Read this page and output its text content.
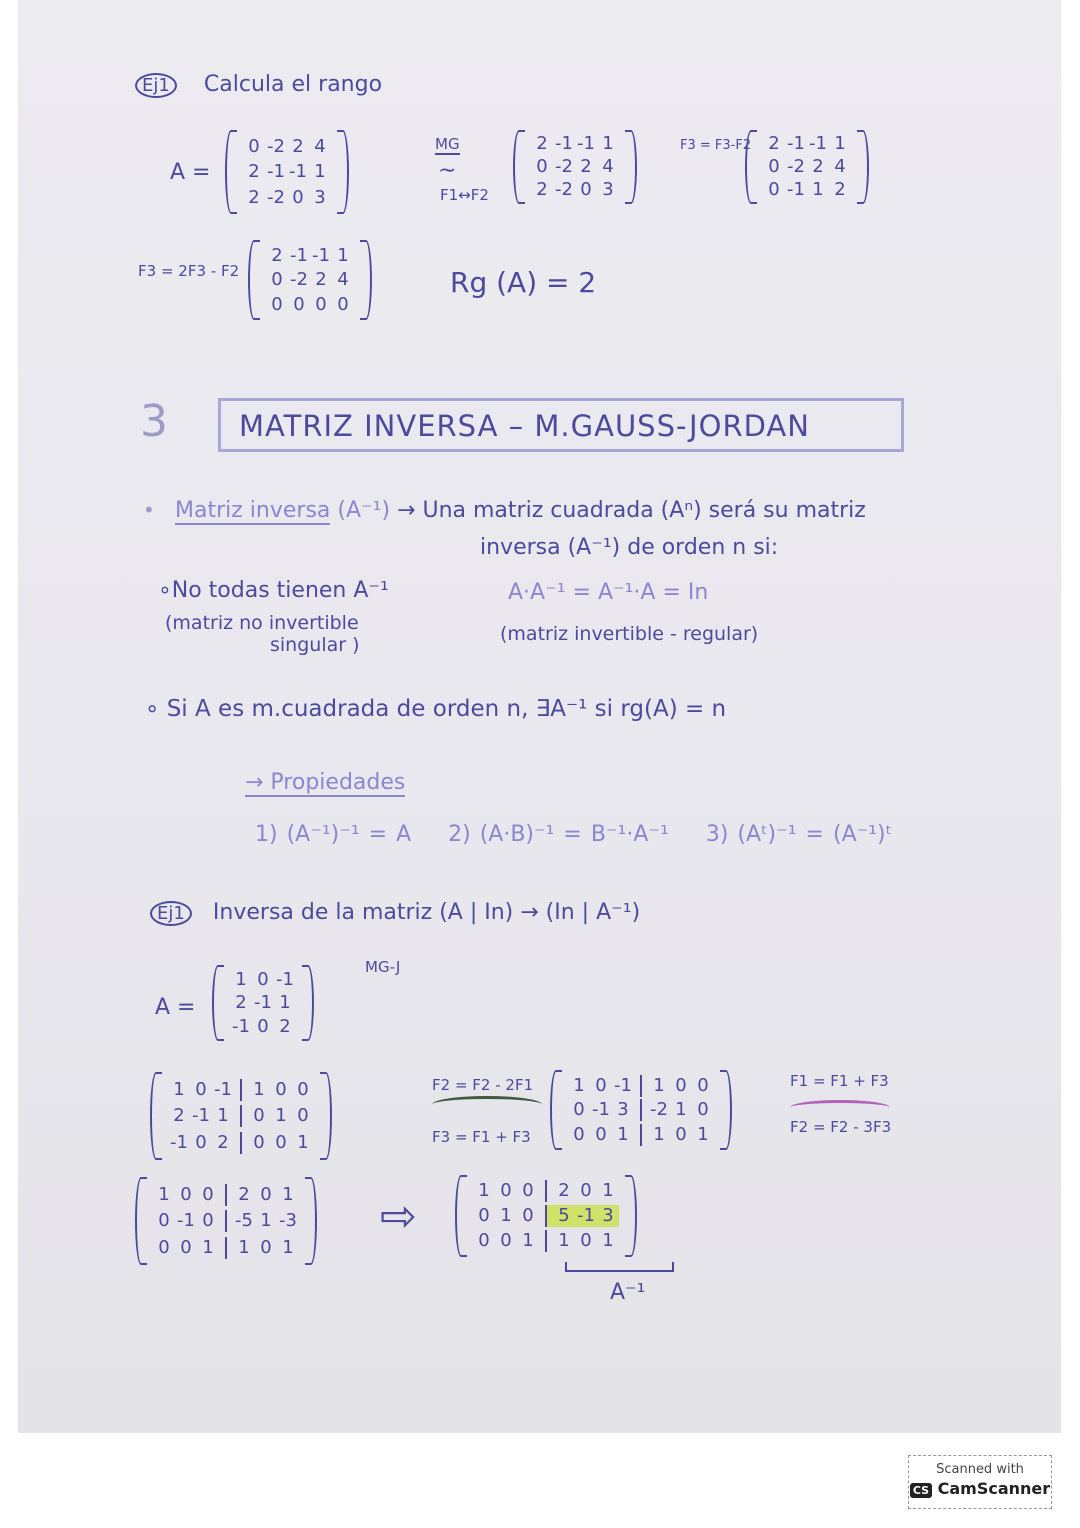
Ej1 Calcula el rango
A =
0 -2 2 4
2 -1 -1 1
2 -2 0 3
MG
∼
F1↔F2
2 -1 -1 1
0 -2 2 4
2 -2 0 3
F3 = F3-F2 2 -1 -1 1
0 -2 2 4
0 -1 1 2
F3 = 2F3 - F2
2 -1 -1 1
0 -2 2 4
0 0 0 0
Rg (A) = 2
3 MATRIZ INVERSA – M.GAUSS-JORDAN
• Matriz inversa (A⁻¹) → Una matriz cuadrada (Aⁿ) será su matriz
inversa (A⁻¹) de orden n si:
∘No todas tienen A⁻¹
(matriz no invertible
singular )
A·A⁻¹ = A⁻¹·A = In
(matriz invertible - regular)
∘ Si A es m.cuadrada de orden n, ∃A⁻¹ si rg(A) = n
→ Propiedades
1) (A⁻¹)⁻¹ = A 2) (A·B)⁻¹ = B⁻¹·A⁻¹ 3) (Aᵗ)⁻¹ = (A⁻¹)ᵗ
Ej1 Inversa de la matriz (A | In) → (In | A⁻¹)
A =
1 0 -1
2 -1 1
-1 0 2
MG-J
1 0 -1	1 0 0
2 -1 1	0 1 0
-1 0 2	0 0 1
F2 = F2 - 2F1
F3 = F1 + F3
1 0 -1	1 0 0
0 -1 3	-2 1 0
0 0 1	1 0 1
F1 = F1 + F3
F2 = F2 - 3F3
1 0 0	2 0 1
0 -1 0	-5 1 -3
0 0 1	1 0 1
⇨
1 0 0	2 0 1
0 1 0	5 -1 3
0 0 1	1 0 1
A⁻¹
Scanned with
CS CamScanner
